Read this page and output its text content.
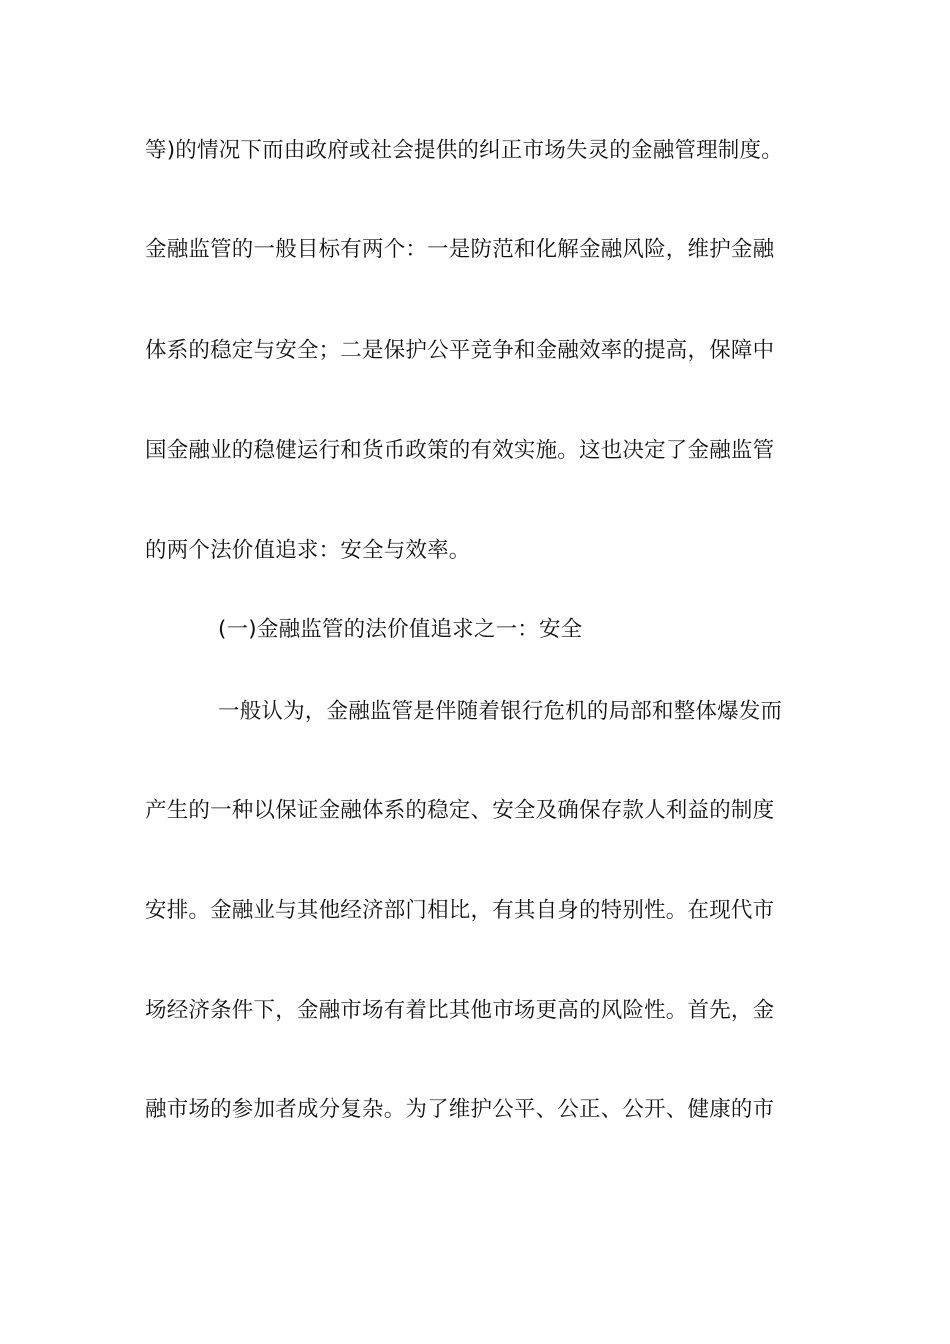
等)的情况下而由政府或社会提供的纠正市场失灵的金融管理制度。
金融监管的一般目标有两个：一是防范和化解金融风险，维护金融
体系的稳定与安全；二是保护公平竞争和金融效率的提高，保障中
国金融业的稳健运行和货币政策的有效实施。这也决定了金融监管
的两个法价值追求：安全与效率。
(一)金融监管的法价值追求之一：安全
一般认为，金融监管是伴随着银行危机的局部和整体爆发而
产生的一种以保证金融体系的稳定、安全及确保存款人利益的制度
安排。金融业与其他经济部门相比，有其自身的特别性。在现代市
场经济条件下，金融市场有着比其他市场更高的风险性。首先，金
融市场的参加者成分复杂。为了维护公平、公正、公开、健康的市
